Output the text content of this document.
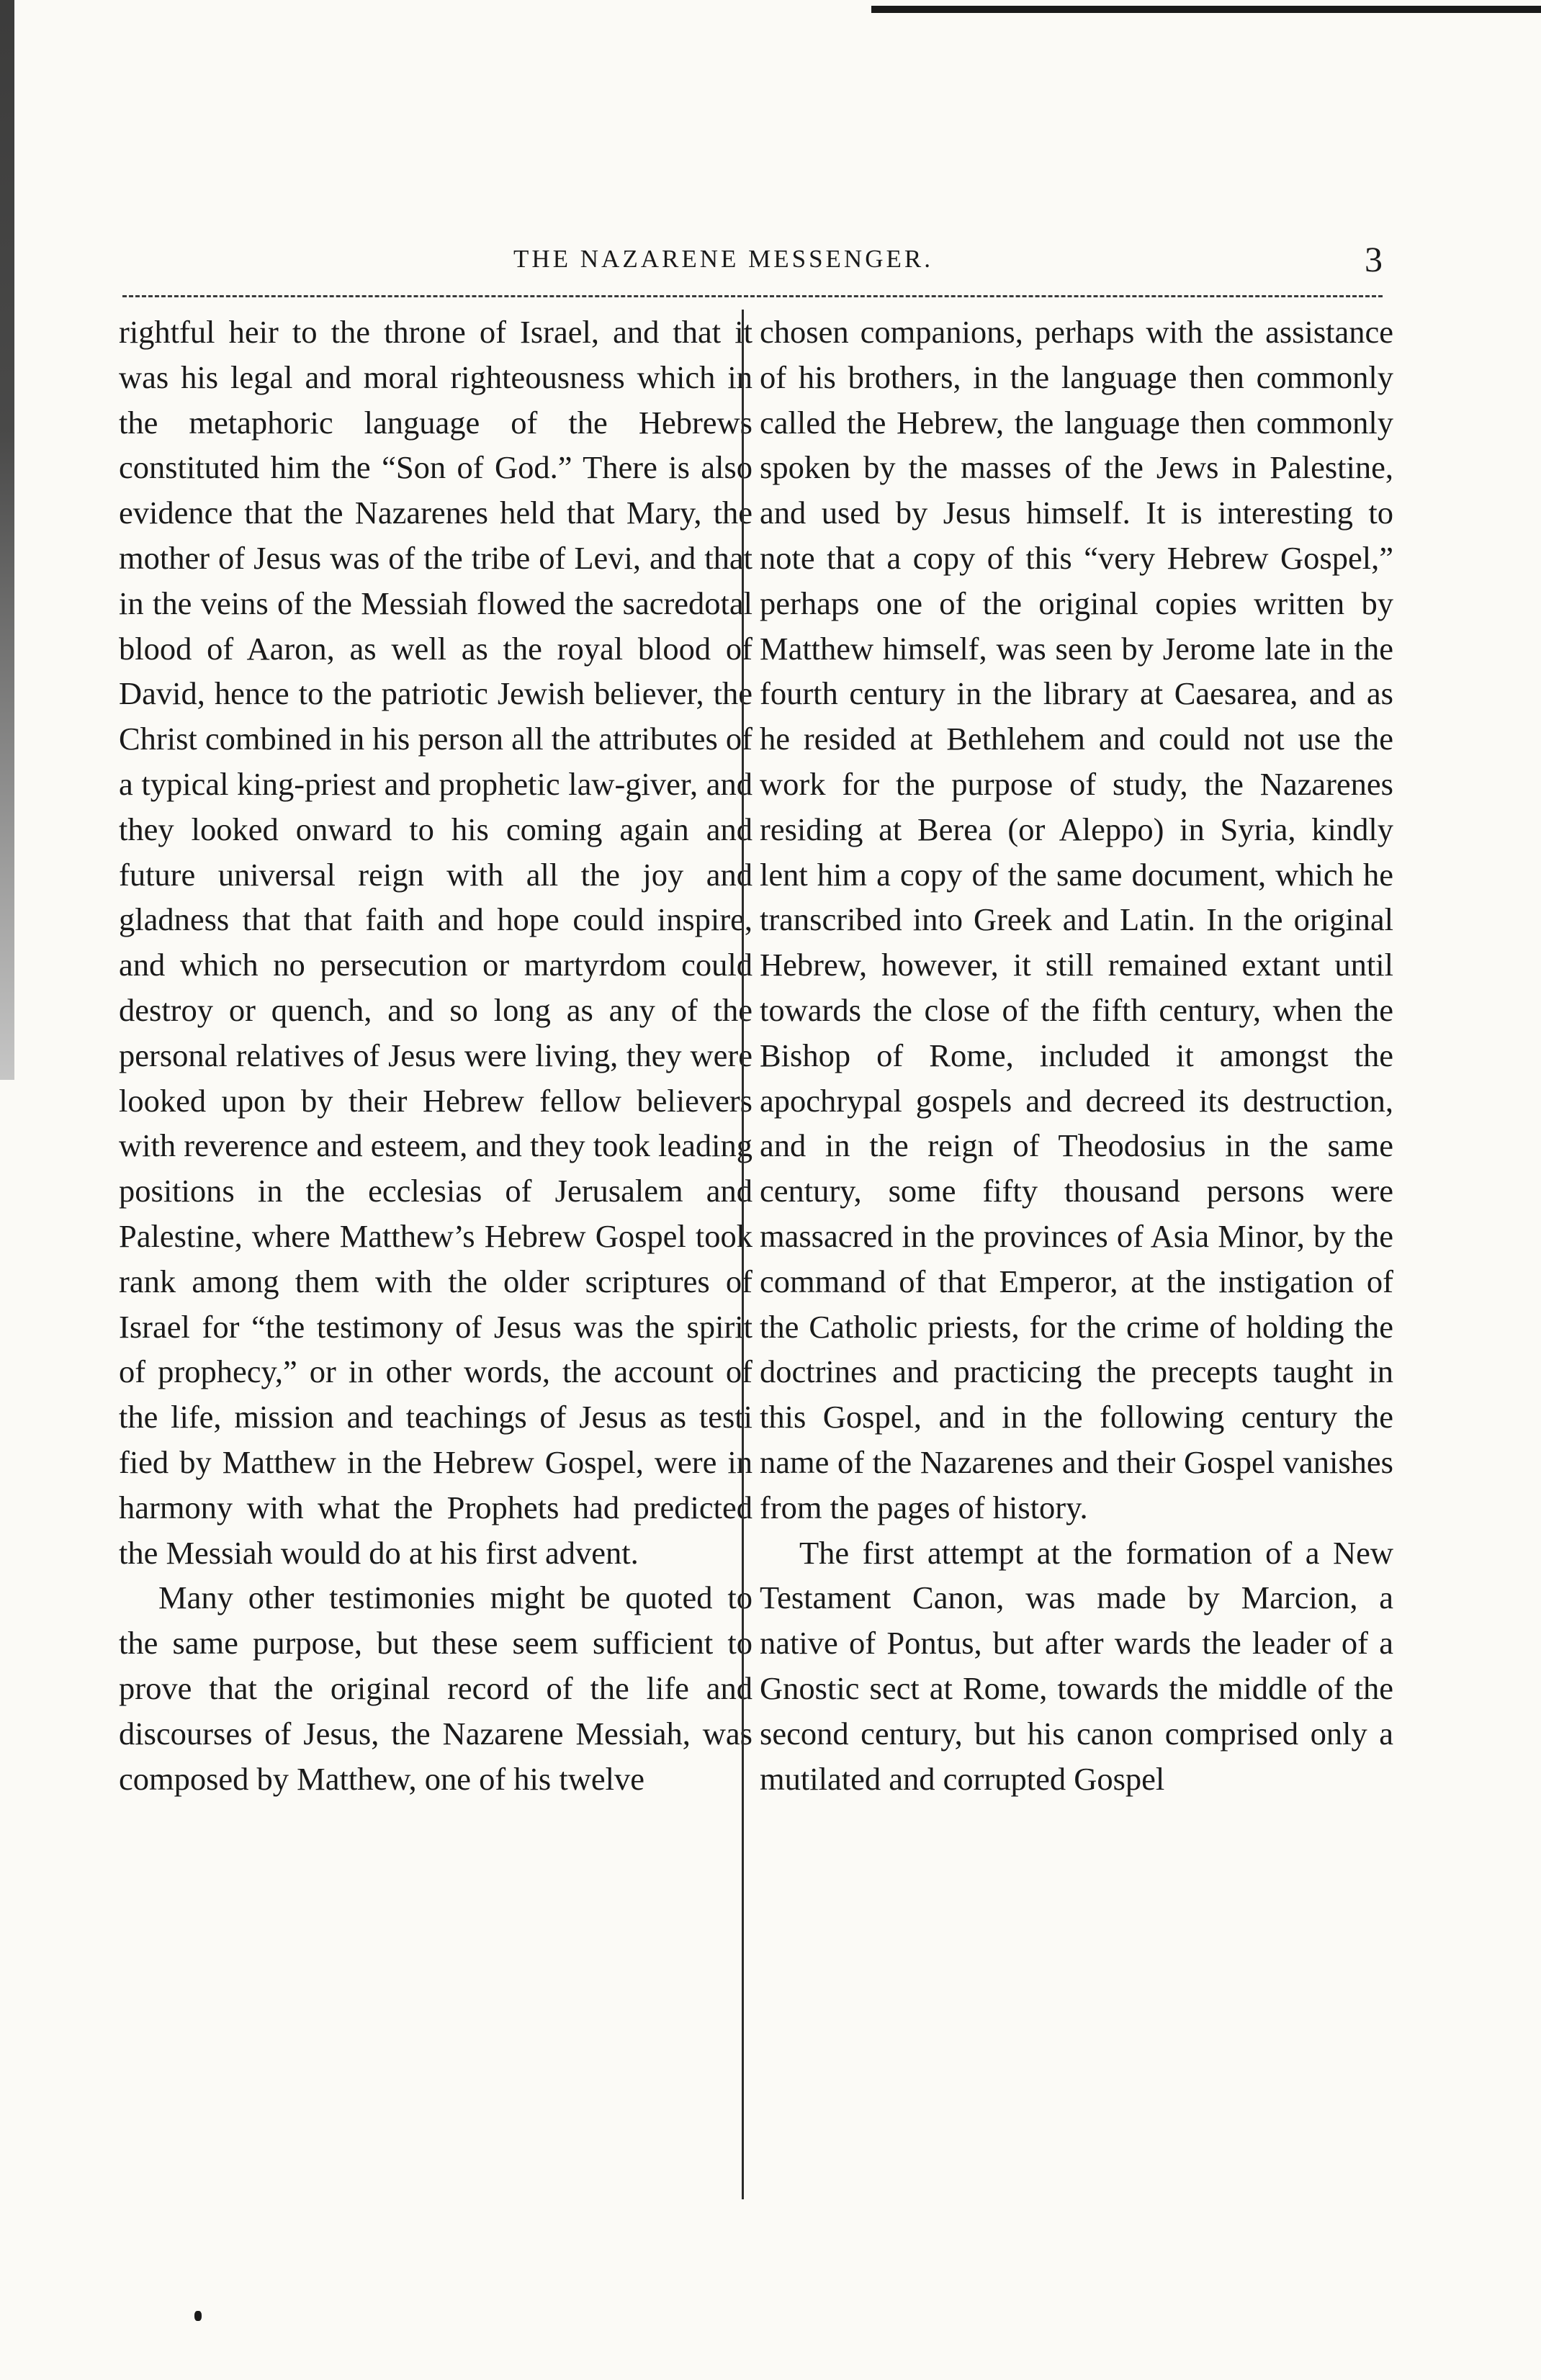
THE NAZARENE MESSENGER.	3

rightful heir to the throne of Israel, and that it was his legal and moral righteousness which in the metaphoric language of the Hebrews constituted him the “Son of God.” There is also evidence that the Nazarenes held that Mary, the mother of Jesus was of the tribe of Levi, and that in the veins of the Messiah flowed the sacredotal blood of Aaron, as well as the royal blood of David, hence to the patriotic Jewish believer, the Christ combined in his person all the attributes of a typical king-priest and prophetic law-giver, and they looked onward to his coming again and future universal reign with all the joy and gladness that that faith and hope could inspire, and which no persecution or martyrdom could destroy or quench, and so long as any of the personal relatives of Jesus were living, they were looked upon by their Hebrew fellow believers with reverence and esteem, and they took leading positions in the ecclesias of Jerusalem and Palestine, where Matthew’s Hebrew Gospel took rank among them with the older scriptures of Israel for “the testimony of Jesus was the spirit of prophecy,” or in other words, the account of the life, mission and teachings of Jesus as testi fied by Matthew in the Hebrew Gospel, were in harmony with what the Prophets had predicted the Messiah would do at his first advent.

Many other testimonies might be quoted to the same purpose, but these seem sufficient to prove that the original record of the life and discourses of Jesus, the Nazarene Messiah, was composed by Matthew, one of his twelve

chosen companions, perhaps with the assistance of his brothers, in the language then commonly called the Hebrew, the language then commonly spoken by the masses of the Jews in Palestine, and used by Jesus himself. It is interesting to note that a copy of this “very Hebrew Gospel,” perhaps one of the original copies written by Matthew himself, was seen by Jerome late in the fourth century in the library at Caesarea, and as he resided at Bethlehem and could not use the work for the purpose of study, the Nazarenes residing at Berea (or Aleppo) in Syria, kindly lent him a copy of the same document, which he transcribed into Greek and Latin. In the original Hebrew, however, it still remained extant until towards the close of the fifth century, when the Bishop of Rome, included it amongst the apochrypal gospels and decreed its destruction, and in the reign of Theodosius in the same century, some fifty thousand persons were massacred in the provinces of Asia Minor, by the command of that Emperor, at the instigation of the Catholic priests, for the crime of holding the doctrines and practicing the precepts taught in this Gospel, and in the following century the name of the Nazarenes and their Gospel vanishes from the pages of history.

The first attempt at the formation of a New Testament Canon, was made by Marcion, a native of Pontus, but after wards the leader of a Gnostic sect at Rome, towards the middle of the second century, but his canon comprised only a mutilated and corrupted Gospel
